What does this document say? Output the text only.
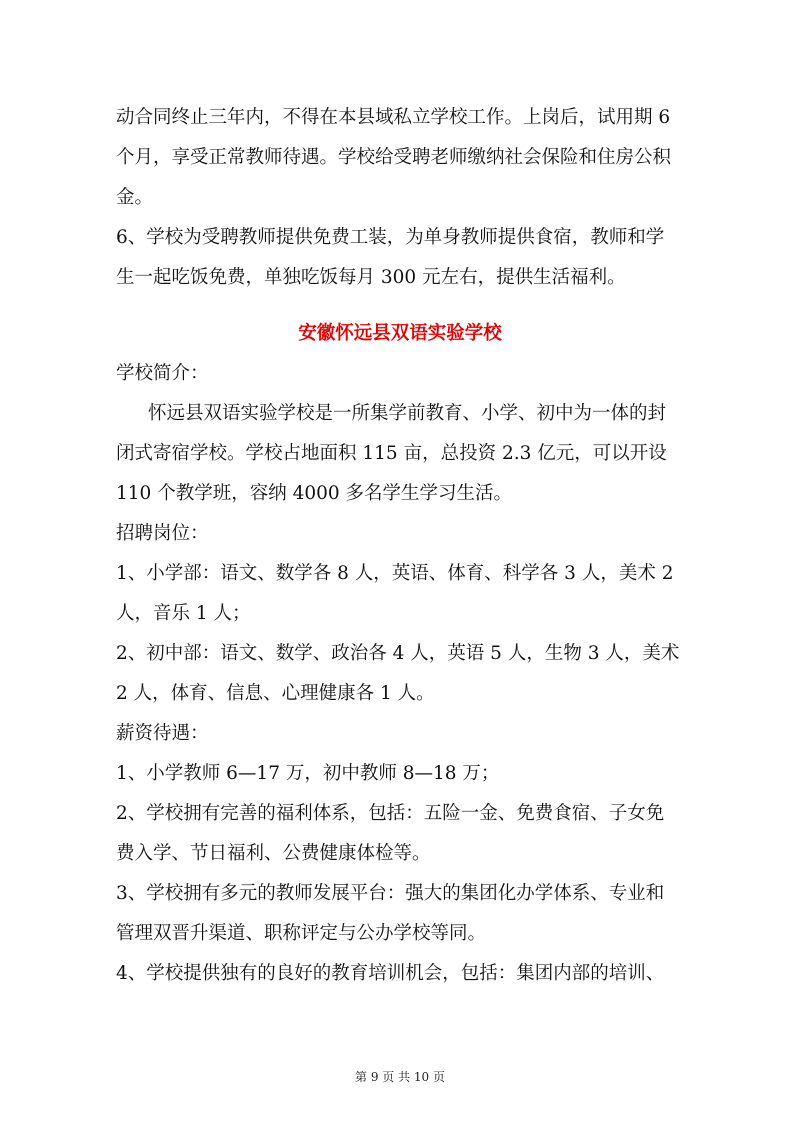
动合同终止三年内，不得在本县域私立学校工作。上岗后，试用期 6
个月，享受正常教师待遇。学校给受聘老师缴纳社会保险和住房公积
金。
6、学校为受聘教师提供免费工装，为单身教师提供食宿，教师和学
生一起吃饭免费，单独吃饭每月 300 元左右，提供生活福利。
安徽怀远县双语实验学校
学校简介：
怀远县双语实验学校是一所集学前教育、小学、初中为一体的封
闭式寄宿学校。学校占地面积 115 亩，总投资 2.3 亿元，可以开设
110 个教学班，容纳 4000 多名学生学习生活。
招聘岗位：
1、小学部：语文、数学各 8 人，英语、体育、科学各 3 人，美术 2
人，音乐 1 人；
2、初中部：语文、数学、政治各 4 人，英语 5 人，生物 3 人，美术
2 人，体育、信息、心理健康各 1 人。
薪资待遇：
1、小学教师 6—17 万，初中教师 8—18 万；
2、学校拥有完善的福利体系，包括：五险一金、免费食宿、子女免
费入学、节日福利、公费健康体检等。
3、学校拥有多元的教师发展平台：强大的集团化办学体系、专业和
管理双晋升渠道、职称评定与公办学校等同。
4、学校提供独有的良好的教育培训机会，包括：集团内部的培训、
第 9 页 共 10 页
